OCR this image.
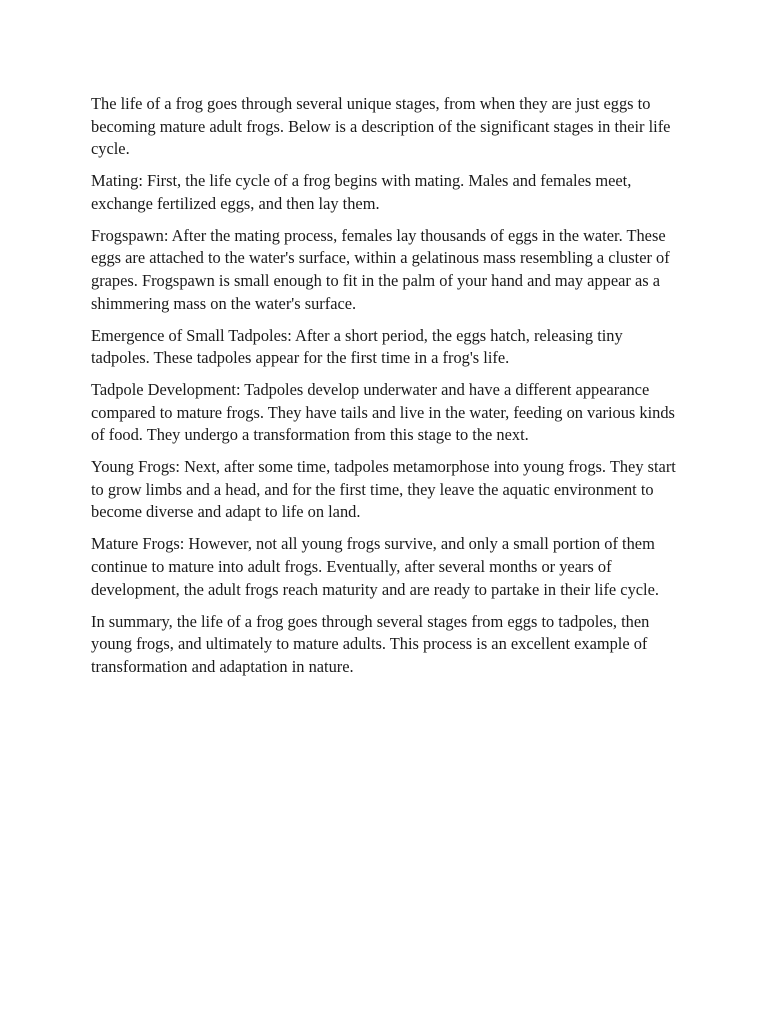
The life of a frog goes through several unique stages, from when they are just eggs to becoming mature adult frogs. Below is a description of the significant stages in their life cycle.

Mating: First, the life cycle of a frog begins with mating. Males and females meet, exchange fertilized eggs, and then lay them.

Frogspawn: After the mating process, females lay thousands of eggs in the water. These eggs are attached to the water's surface, within a gelatinous mass resembling a cluster of grapes. Frogspawn is small enough to fit in the palm of your hand and may appear as a shimmering mass on the water's surface.

Emergence of Small Tadpoles: After a short period, the eggs hatch, releasing tiny tadpoles. These tadpoles appear for the first time in a frog's life.

Tadpole Development: Tadpoles develop underwater and have a different appearance compared to mature frogs. They have tails and live in the water, feeding on various kinds of food. They undergo a transformation from this stage to the next.

Young Frogs: Next, after some time, tadpoles metamorphose into young frogs. They start to grow limbs and a head, and for the first time, they leave the aquatic environment to become diverse and adapt to life on land.

Mature Frogs: However, not all young frogs survive, and only a small portion of them continue to mature into adult frogs. Eventually, after several months or years of development, the adult frogs reach maturity and are ready to partake in their life cycle.

In summary, the life of a frog goes through several stages from eggs to tadpoles, then young frogs, and ultimately to mature adults. This process is an excellent example of transformation and adaptation in nature.
